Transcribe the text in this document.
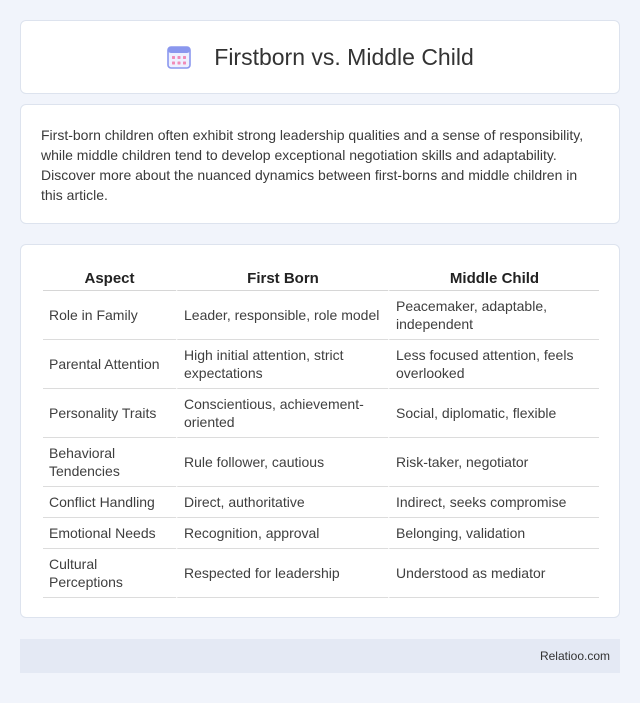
Firstborn vs. Middle Child

First-born children often exhibit strong leadership qualities and a sense of responsibility, while middle children tend to develop exceptional negotiation skills and adaptability. Discover more about the nuanced dynamics between first-borns and middle children in this article.

Aspect	First Born	Middle Child
Role in Family	Leader, responsible, role model	Peacemaker, adaptable, independent
Parental Attention	High initial attention, strict expectations	Less focused attention, feels overlooked
Personality Traits	Conscientious, achievement-oriented	Social, diplomatic, flexible
Behavioral Tendencies	Rule follower, cautious	Risk-taker, negotiator
Conflict Handling	Direct, authoritative	Indirect, seeks compromise
Emotional Needs	Recognition, approval	Belonging, validation
Cultural Perceptions	Respected for leadership	Understood as mediator
Relatioo.com
